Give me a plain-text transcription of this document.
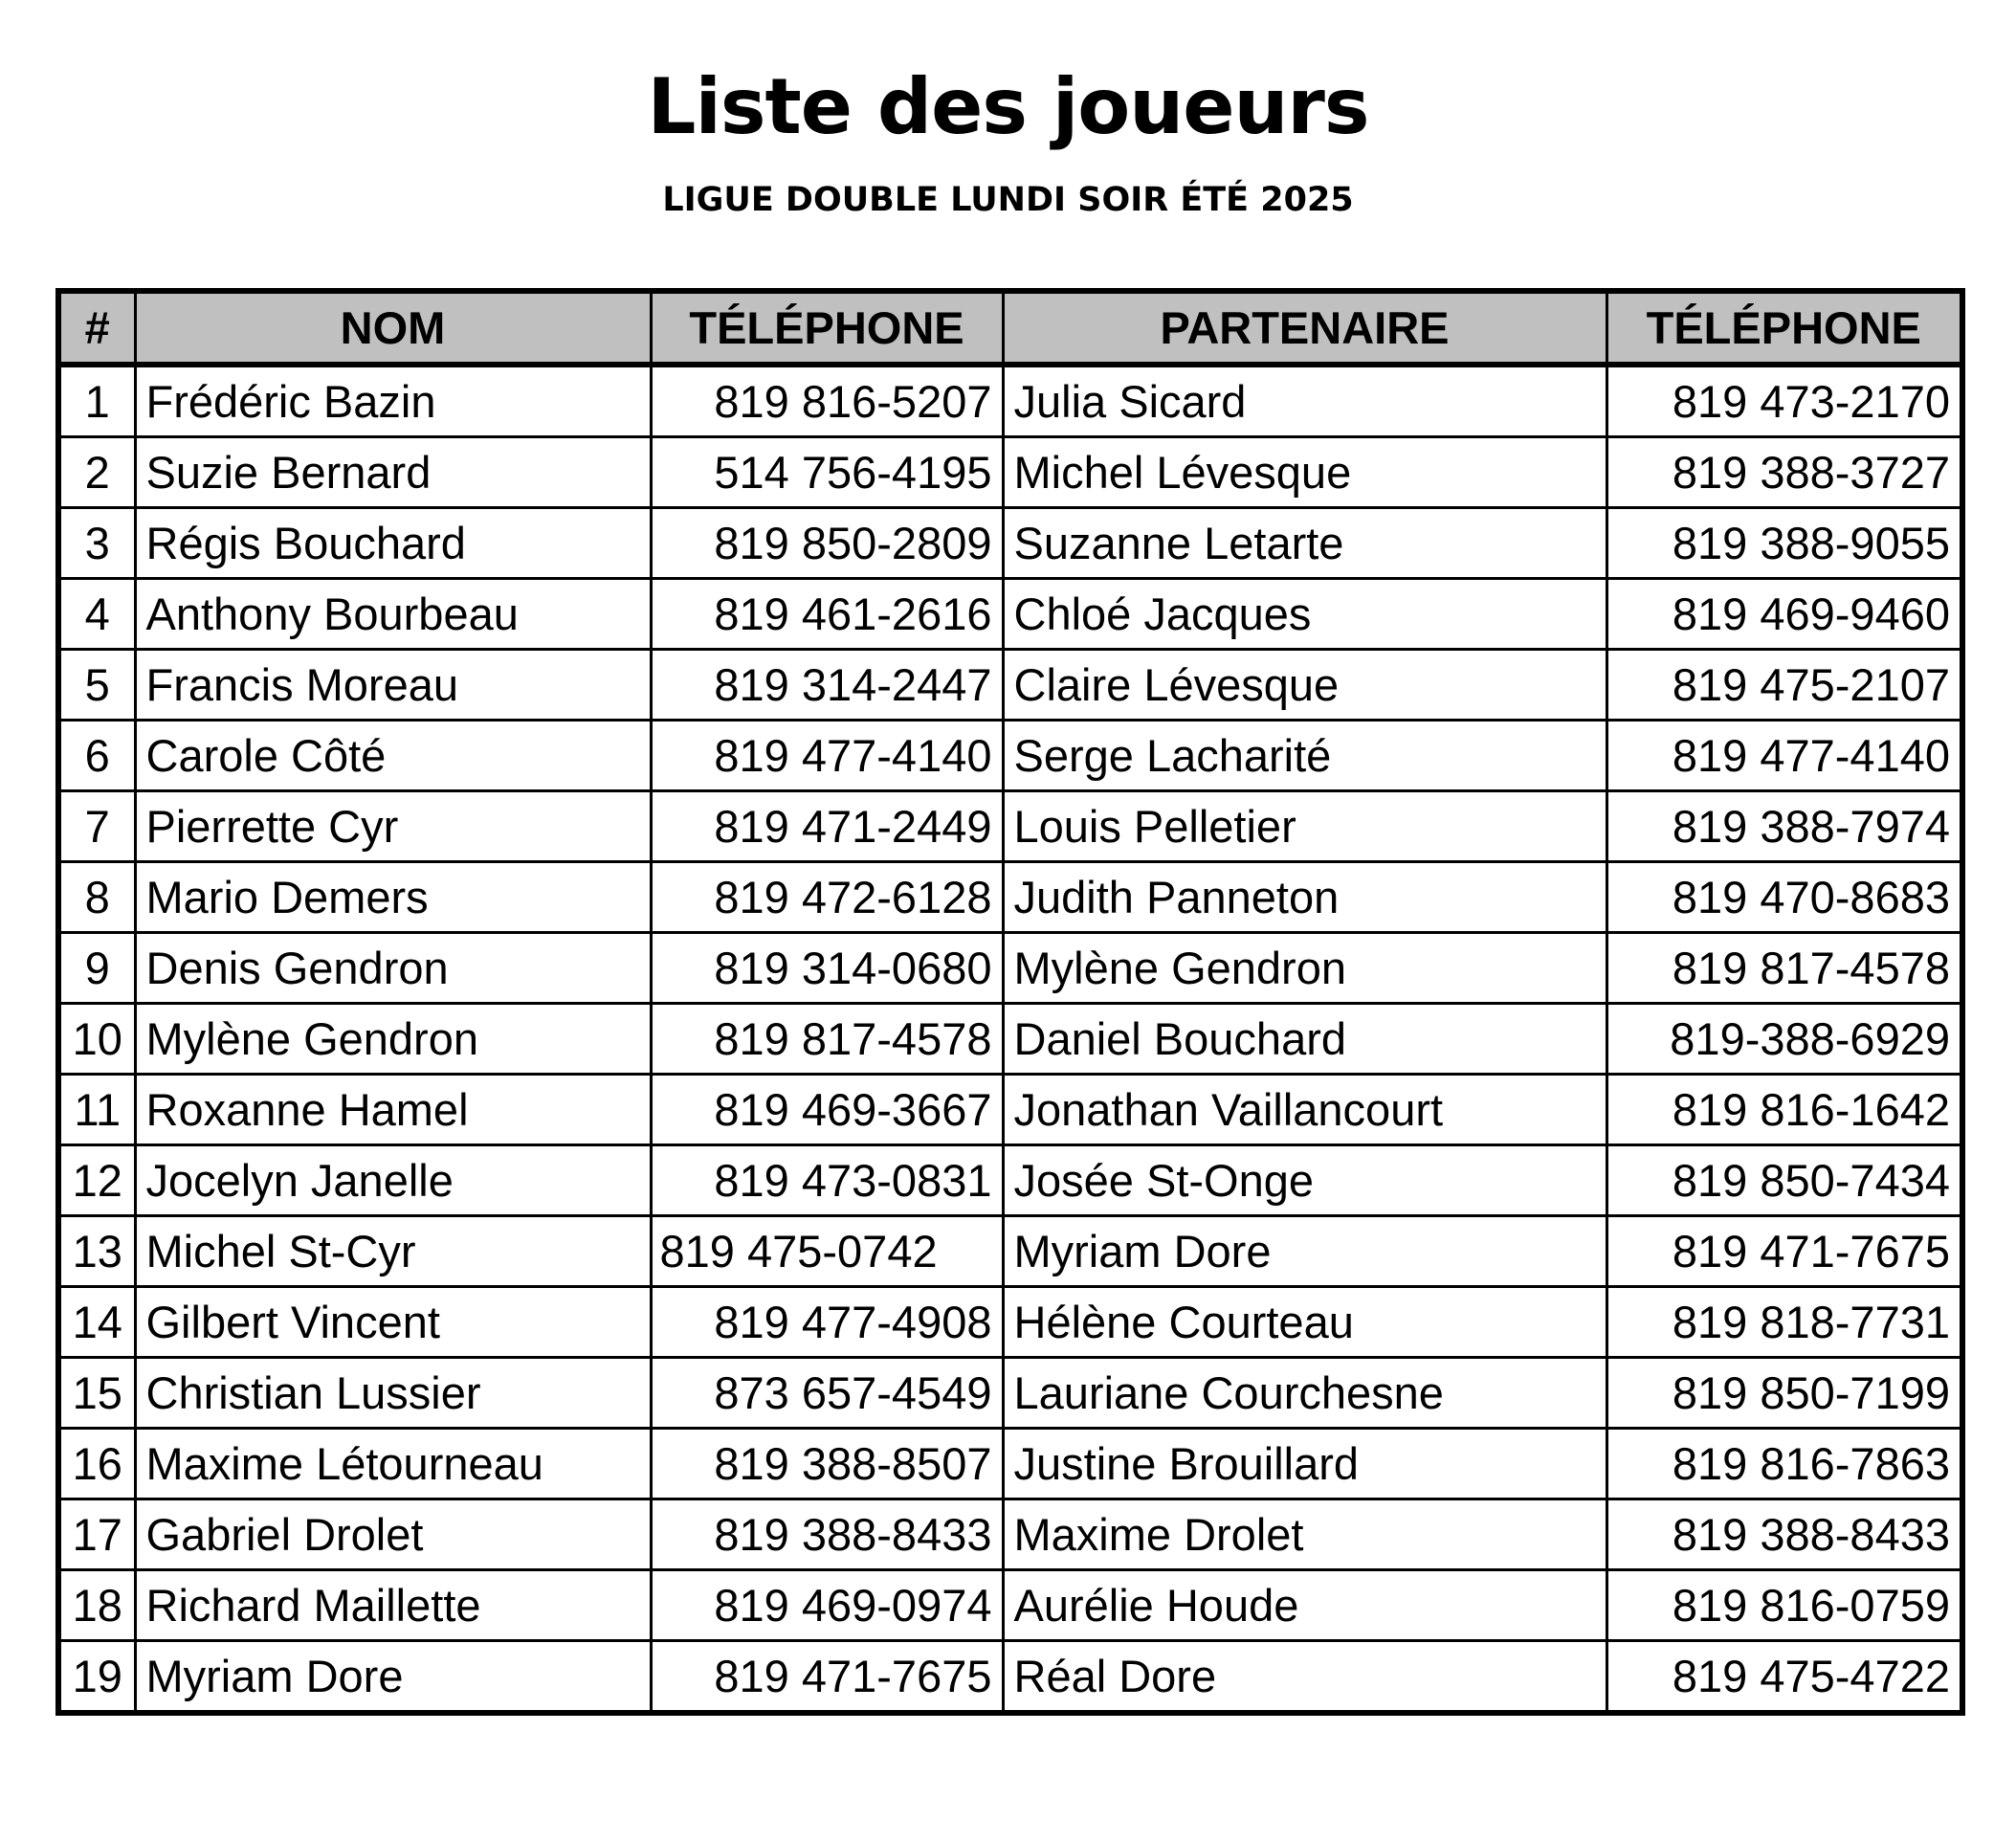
Liste des joueurs
LIGUE DOUBLE LUNDI SOIR ÉTÉ 2025
#	NOM	TÉLÉPHONE	PARTENAIRE	TÉLÉPHONE
1	Frédéric Bazin	819 816-5207	Julia Sicard	819 473-2170
2	Suzie Bernard	514 756-4195	Michel Lévesque	819 388-3727
3	Régis Bouchard	819 850-2809	Suzanne Letarte	819 388-9055
4	Anthony Bourbeau	819 461-2616	Chloé Jacques	819 469-9460
5	Francis Moreau	819 314-2447	Claire Lévesque	819 475-2107
6	Carole Côté	819 477-4140	Serge Lacharité	819 477-4140
7	Pierrette Cyr	819 471-2449	Louis Pelletier	819 388-7974
8	Mario Demers	819 472-6128	Judith Panneton	819 470-8683
9	Denis Gendron	819 314-0680	Mylène Gendron	819 817-4578
10	Mylène Gendron	819 817-4578	Daniel Bouchard	819-388-6929
11	Roxanne Hamel	819 469-3667	Jonathan Vaillancourt	819 816-1642
12	Jocelyn Janelle	819 473-0831	Josée St-Onge	819 850-7434
13	Michel St-Cyr	819 475-0742	Myriam Dore	819 471-7675
14	Gilbert Vincent	819 477-4908	Hélène Courteau	819 818-7731
15	Christian Lussier	873 657-4549	Lauriane Courchesne	819 850-7199
16	Maxime Létourneau	819 388-8507	Justine Brouillard	819 816-7863
17	Gabriel Drolet	819 388-8433	Maxime Drolet	819 388-8433
18	Richard Maillette	819 469-0974	Aurélie Houde	819 816-0759
19	Myriam Dore	819 471-7675	Réal Dore	819 475-4722
